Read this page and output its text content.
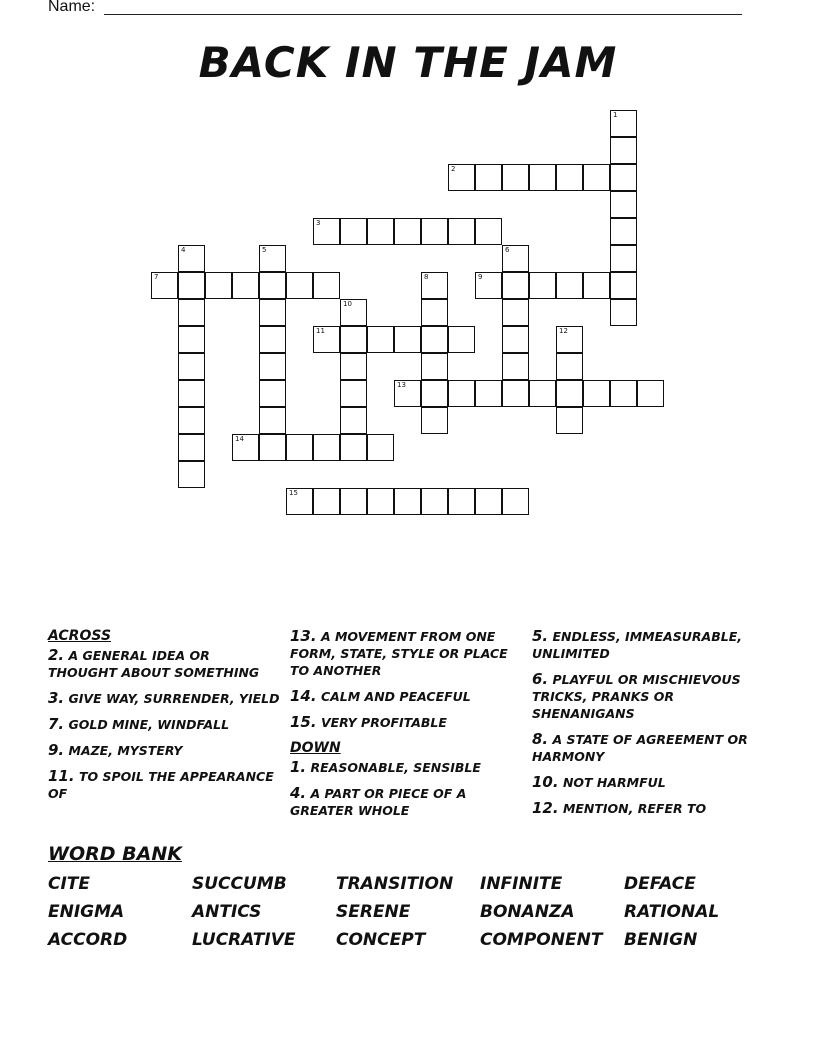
Name:
BACK IN THE JAM
1
2
3
4	5	6
7	8	9
10
11	12
13
14
15
ACROSS
2. A GENERAL IDEA OR THOUGHT ABOUT SOMETHING
3. GIVE WAY, SURRENDER, YIELD
7. GOLD MINE, WINDFALL
9. MAZE, MYSTERY
11. TO SPOIL THE APPEARANCE OF
13. A MOVEMENT FROM ONE FORM, STATE, STYLE OR PLACE TO ANOTHER
14. CALM AND PEACEFUL
15. VERY PROFITABLE
DOWN
1. REASONABLE, SENSIBLE
4. A PART OR PIECE OF A GREATER WHOLE
5. ENDLESS, IMMEASURABLE, UNLIMITED
6. PLAYFUL OR MISCHIEVOUS TRICKS, PRANKS OR SHENANIGANS
8. A STATE OF AGREEMENT OR HARMONY
10. NOT HARMFUL
12. MENTION, REFER TO
WORD BANK
CITE	SUCCUMB	TRANSITION	INFINITE	DEFACE
ENIGMA	ANTICS	SERENE	BONANZA	RATIONAL
ACCORD	LUCRATIVE	CONCEPT	COMPONENT	BENIGN
